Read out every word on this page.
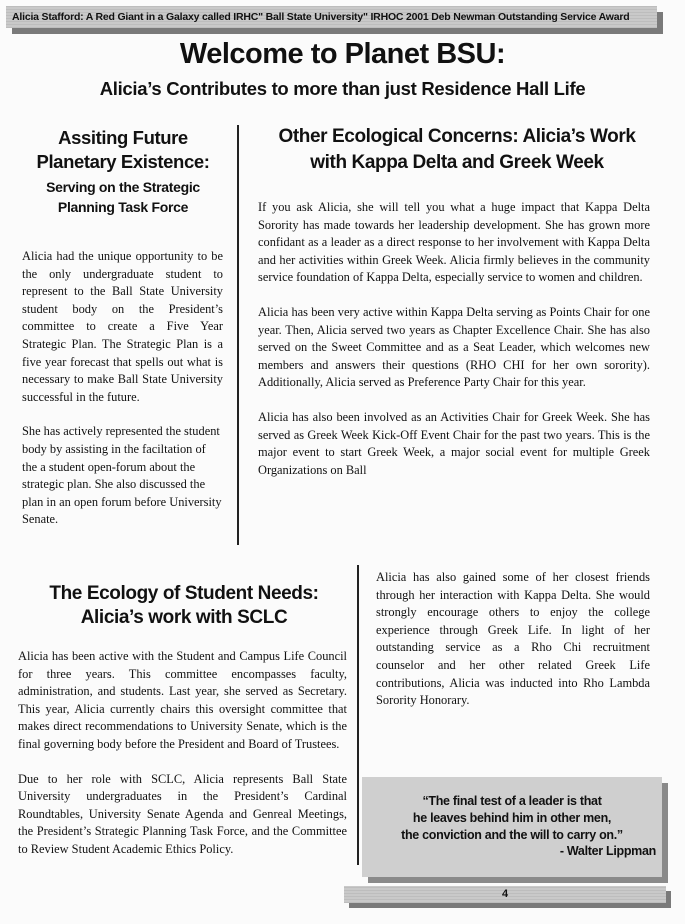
Alicia Stafford: A Red Giant in a Galaxy called IRHC" Ball State University" IRHOC 2001 Deb Newman Outstanding Service Award
Welcome to Planet BSU:
Alicia’s Contributes to more than just Residence Hall Life
Assiting Future
Planetary Existence:
Serving on the Strategic
Planning Task Force
Other Ecological Concerns: Alicia’s Work
with Kappa Delta and Greek Week

Alicia had the unique opportunity to be the only undergraduate student to represent to the Ball State University student body on the President’s committee to create a Five Year Strategic Plan. The Strategic Plan is a five year forecast that spells out what is necessary to make Ball State University successful in the future.

She has actively represented the student body by assisting in the faciltation of the a student open-forum about the strategic plan. She also discussed the plan in an open forum before University Senate.

If you ask Alicia, she will tell you what a huge impact that Kappa Delta Sorority has made towards her leadership development. She has grown more confidant as a leader as a direct response to her involvement with Kappa Delta and her activities within Greek Week. Alicia firmly believes in the community service foundation of Kappa Delta, especially service to women and children.

Alicia has been very active within Kappa Delta serving as Points Chair for one year. Then, Alicia served two years as Chapter Excellence Chair. She has also served on the Sweet Committee and as a Seat Leader, which welcomes new members and answers their questions (RHO CHI for her own sorority). Additionally, Alicia served as Preference Party Chair for this year.

Alicia has also been involved as an Activities Chair for Greek Week. She has served as Greek Week Kick-Off Event Chair for the past two years. This is the major event to start Greek Week, a major social event for multiple Greek Organizations on Ball

The Ecology of Student Needs:
Alicia’s work with SCLC

Alicia has been active with the Student and Campus Life Council for three years. This committee encompasses faculty, administration, and students. Last year, she served as Secretary. This year, Alicia currently chairs this oversight committee that makes direct recommendations to University Senate, which is the final governing body before the President and Board of Trustees.

Due to her role with SCLC, Alicia represents Ball State University undergraduates in the President’s Cardinal Roundtables, University Senate Agenda and Genreal Meetings, the President’s Strategic Planning Task Force, and the Committee to Review Student Academic Ethics Policy.

Alicia has also gained some of her closest friends through her interaction with Kappa Delta. She would strongly encourage others to enjoy the college experience through Greek Life. In light of her outstanding service as a Rho Chi recruitment counselor and her other related Greek Life contributions, Alicia was inducted into Rho Lambda Sorority Honorary.

“The final test of a leader is that
he leaves behind him in other men,
the conviction and the will to carry on.”
- Walter Lippman
4
